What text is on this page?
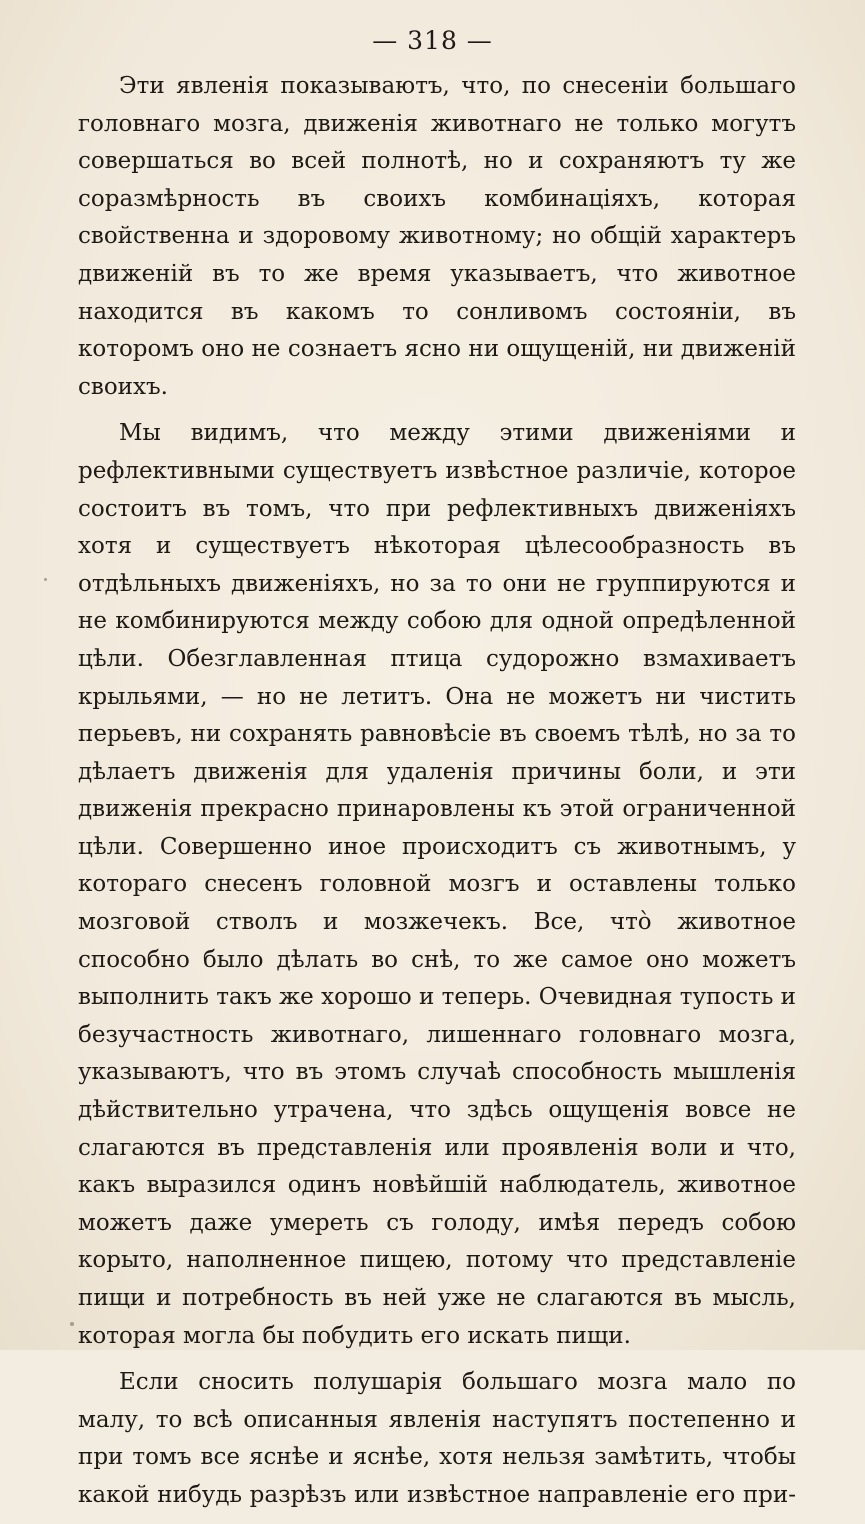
— 318 —

Эти явленія показываютъ, что, по снесеніи большаго головнаго мозга, движенія животнаго не только могутъ совершаться во всей полнотѣ, но и сохраняютъ ту же соразмѣрность въ своихъ комбинаціяхъ, которая свойственна и здоровому животному; но общій характеръ движеній въ то же время указываетъ, что животное находится въ какомъ то сонливомъ состояніи, въ которомъ оно не сознаетъ ясно ни ощущеній, ни движеній своихъ.

Мы видимъ, что между этими движеніями и рефлективными существуетъ извѣстное различіе, которое состоитъ въ томъ, что при рефлективныхъ движеніяхъ хотя и существуетъ нѣкоторая цѣлесообразность въ отдѣльныхъ движеніяхъ, но за то они не группируются и не комбинируются между собою для одной опредѣленной цѣли. Обезглавленная птица судорожно взмахиваетъ крыльями, — но не летитъ. Она не можетъ ни чистить перьевъ, ни сохранять равновѣсіе въ своемъ тѣлѣ, но за то дѣлаетъ движенія для удаленія причины боли, и эти движенія прекрасно принаровлены къ этой ограниченной цѣли. Совершенно иное происходитъ съ животнымъ, у котораго снесенъ головной мозгъ и оставлены только мозговой стволъ и мозжечекъ. Все, что̀ животное способно было дѣлать во снѣ, то же самое оно можетъ выполнить такъ же хорошо и теперь. Очевидная тупость и безучастность животнаго, лишеннаго головнаго мозга, указываютъ, что въ этомъ случаѣ способность мышленія дѣйствительно утрачена, что здѣсь ощущенія вовсе не слагаются въ представленія или проявленія воли и что, какъ выразился одинъ новѣйшій наблюдатель, животное можетъ даже умереть съ голоду, имѣя передъ собою корыто, наполненное пищею, потому что представленіе пищи и потребность въ ней уже не слагаются въ мысль, которая могла бы побудить его искать пищи.

Если сносить полушарія большаго мозга мало по малу, то всѣ описанныя явленія наступятъ постепенно и при томъ все яснѣе и яснѣе, хотя нельзя замѣтить, чтобы какой нибудь разрѣзъ или извѣстное направленіе его при-
